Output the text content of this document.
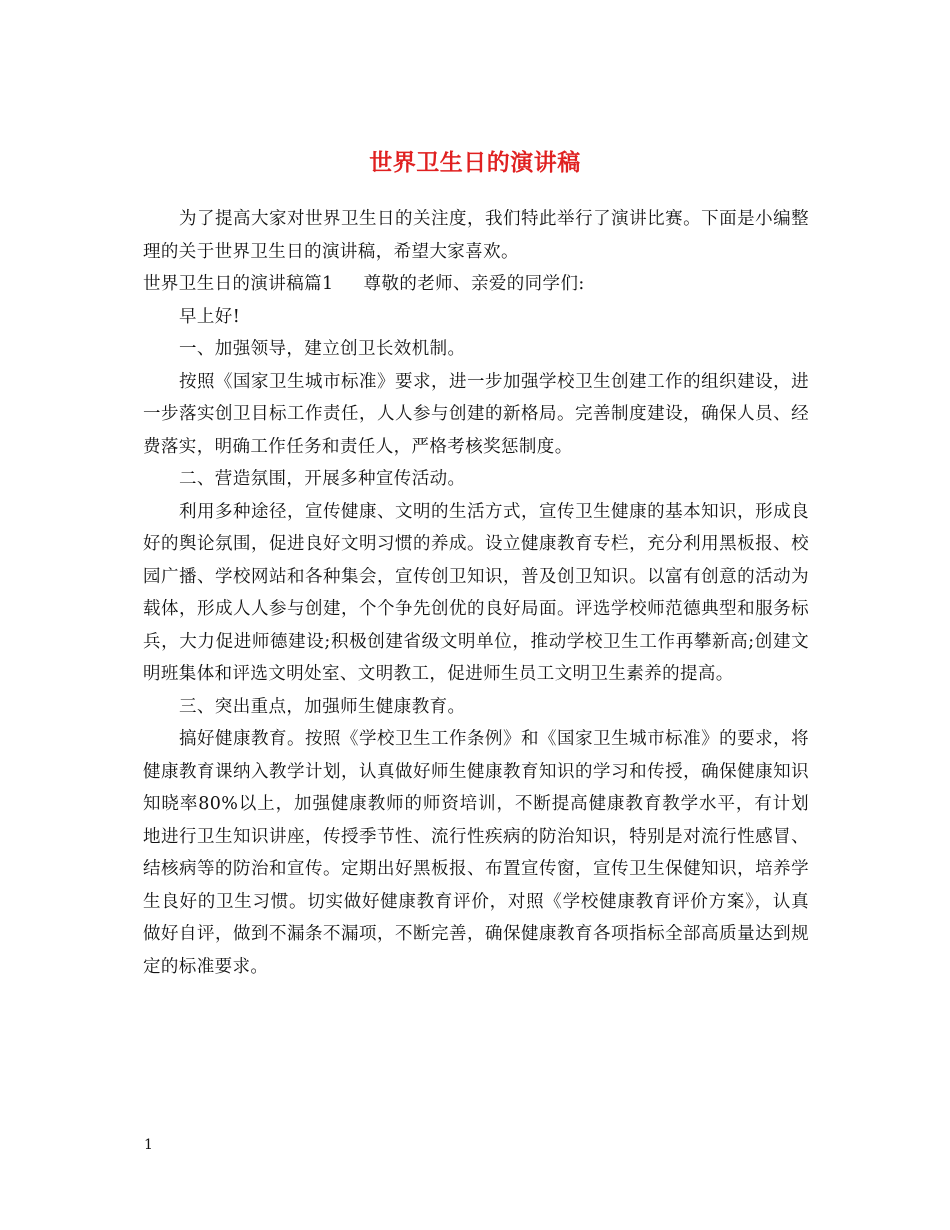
世界卫生日的演讲稿

为了提高大家对世界卫生日的关注度，我们特此举行了演讲比赛。下面是小编整理的关于世界卫生日的演讲稿，希望大家喜欢。

世界卫生日的演讲稿篇1 尊敬的老师、亲爱的同学们:

早上好!

一、加强领导，建立创卫长效机制。

按照《国家卫生城市标准》要求，进一步加强学校卫生创建工作的组织建设，进一步落实创卫目标工作责任，人人参与创建的新格局。完善制度建设，确保人员、经费落实，明确工作任务和责任人，严格考核奖惩制度。

二、营造氛围，开展多种宣传活动。

利用多种途径，宣传健康、文明的生活方式，宣传卫生健康的基本知识，形成良好的舆论氛围，促进良好文明习惯的养成。设立健康教育专栏，充分利用黑板报、校园广播、学校网站和各种集会，宣传创卫知识，普及创卫知识。以富有创意的活动为载体，形成人人参与创建，个个争先创优的良好局面。评选学校师范德典型和服务标兵，大力促进师德建设;积极创建省级文明单位，推动学校卫生工作再攀新高;创建文明班集体和评选文明处室、文明教工，促进师生员工文明卫生素养的提高。

三、突出重点，加强师生健康教育。

搞好健康教育。按照《学校卫生工作条例》和《国家卫生城市标准》的要求，将健康教育课纳入教学计划，认真做好师生健康教育知识的学习和传授，确保健康知识知晓率80%以上，加强健康教师的师资培训，不断提高健康教育教学水平，有计划地进行卫生知识讲座，传授季节性、流行性疾病的防治知识，特别是对流行性感冒、结核病等的防治和宣传。定期出好黑板报、布置宣传窗，宣传卫生保健知识，培养学生良好的卫生习惯。切实做好健康教育评价，对照《学校健康教育评价方案》，认真做好自评，做到不漏条不漏项，不断完善，确保健康教育各项指标全部高质量达到规定的标准要求。

1
